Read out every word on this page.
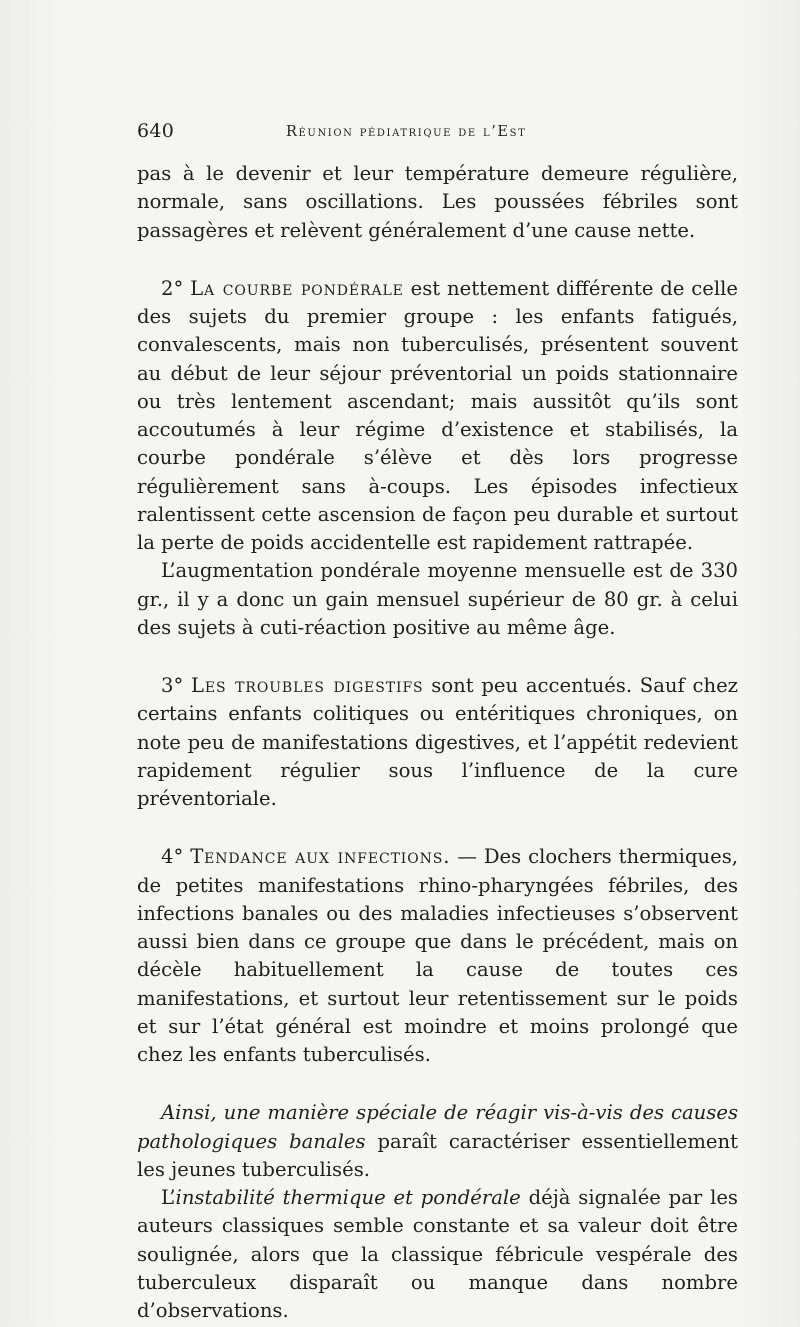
640	Réunion pédiatrique de l’Est

pas à le devenir et leur température demeure régulière, normale, sans oscillations. Les poussées fébriles sont passagères et relèvent généralement d’une cause nette.

2° La courbe pondérale est nettement différente de celle des sujets du premier groupe : les enfants fatigués, convalescents, mais non tuberculisés, présentent souvent au début de leur séjour préventorial un poids stationnaire ou très lentement ascendant; mais aussitôt qu’ils sont accoutumés à leur régime d’existence et stabilisés, la courbe pondérale s’élève et dès lors progresse régulièrement sans à-coups. Les épisodes infectieux ralentissent cette ascension de façon peu durable et surtout la perte de poids accidentelle est rapidement rattrapée.

L’augmentation pondérale moyenne mensuelle est de 330 gr., il y a donc un gain mensuel supérieur de 80 gr. à celui des sujets à cuti-réaction positive au même âge.

3° Les troubles digestifs sont peu accentués. Sauf chez certains enfants colitiques ou entéritiques chroniques, on note peu de manifestations digestives, et l’appétit redevient rapidement régulier sous l’influence de la cure préventoriale.

4° Tendance aux infections. — Des clochers thermiques, de petites manifestations rhino-pharyngées fébriles, des infections banales ou des maladies infectieuses s’observent aussi bien dans ce groupe que dans le précédent, mais on décèle habituellement la cause de toutes ces manifestations, et surtout leur retentissement sur le poids et sur l’état général est moindre et moins prolongé que chez les enfants tuberculisés.

Ainsi, une manière spéciale de réagir vis-à-vis des causes pathologiques banales paraît caractériser essentiellement les jeunes tuberculisés.

L’instabilité thermique et pondérale déjà signalée par les auteurs classiques semble constante et sa valeur doit être soulignée, alors que la classique fébricule vespérale des tuberculeux disparaît ou manque dans nombre d’observations.
